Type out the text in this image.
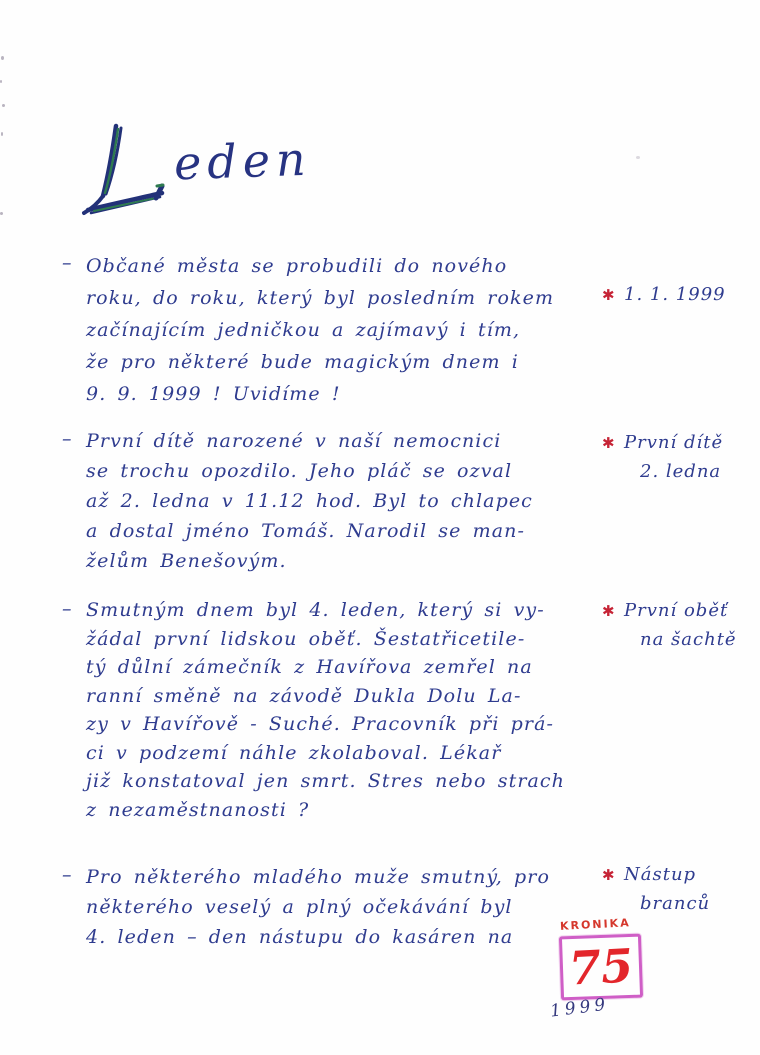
eden
– Občané města se probudili do nového
roku, do roku, který byl posledním rokem
začínajícím jedničkou a zajímavý i tím,
že pro některé bude magickým dnem i
9. 9. 1999 ! Uvidíme !
✱ 1. 1. 1999
– První dítě narozené v naší nemocnici
se trochu opozdilo. Jeho pláč se ozval
až 2. ledna v 11.12 hod. Byl to chlapec
a dostal jméno Tomáš. Narodil se man-
želům Benešovým.
✱ První dítě
2. ledna
– Smutným dnem byl 4. leden, který si vy-
žádal první lidskou oběť. Šestatřicetile-
tý důlní zámečník z Havířova zemřel na
ranní směně na závodě Dukla Dolu La-
zy v Havířově - Suché. Pracovník při prá-
ci v podzemí náhle zkolaboval. Lékař
již konstatoval jen smrt. Stres nebo strach
z nezaměstnanosti ?
✱ První oběť
na šachtě
– Pro některého mladého muže smutný, pro
některého veselý a plný očekávání byl
4. leden – den nástupu do kasáren na
✱ Nástup
branců
KRONIKA
75
1999
